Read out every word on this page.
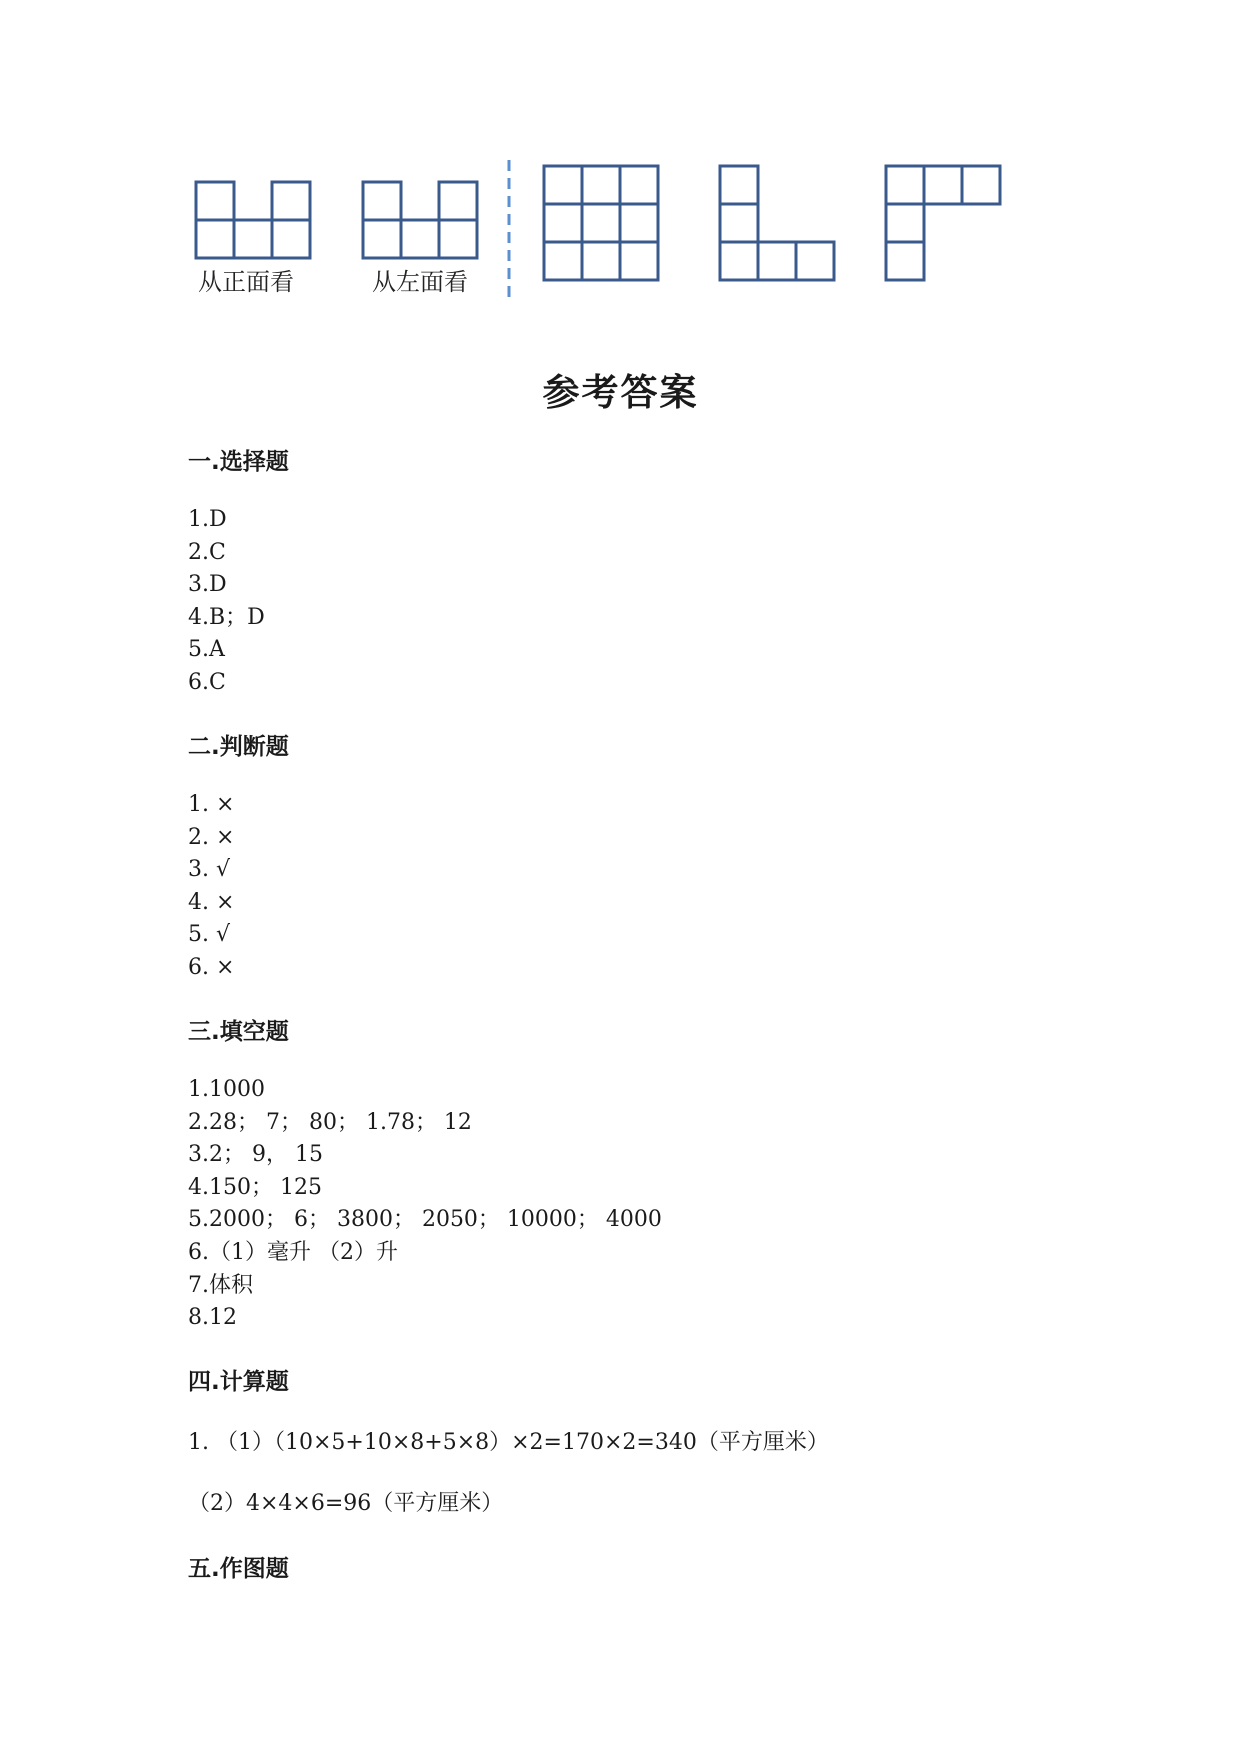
从正面看	从左面看
参考答案
一.选择题
1.D
2.C
3.D
4.B；D
5.A
6.C
二.判断题
1. ×
2. ×
3. √
4. ×
5. √
6. ×
三.填空题
1.1000
2.28； 7； 80； 1.78； 12
3.2； 9， 15
4.150； 125
5.2000； 6； 3800； 2050； 10000； 4000
6.（1）毫升 （2）升
7.体积
8.12
四.计算题

1. （1）（10×5+10×8+5×8）×2=170×2=340（平方厘米）

（2）4×4×6=96（平方厘米）

五.作图题
